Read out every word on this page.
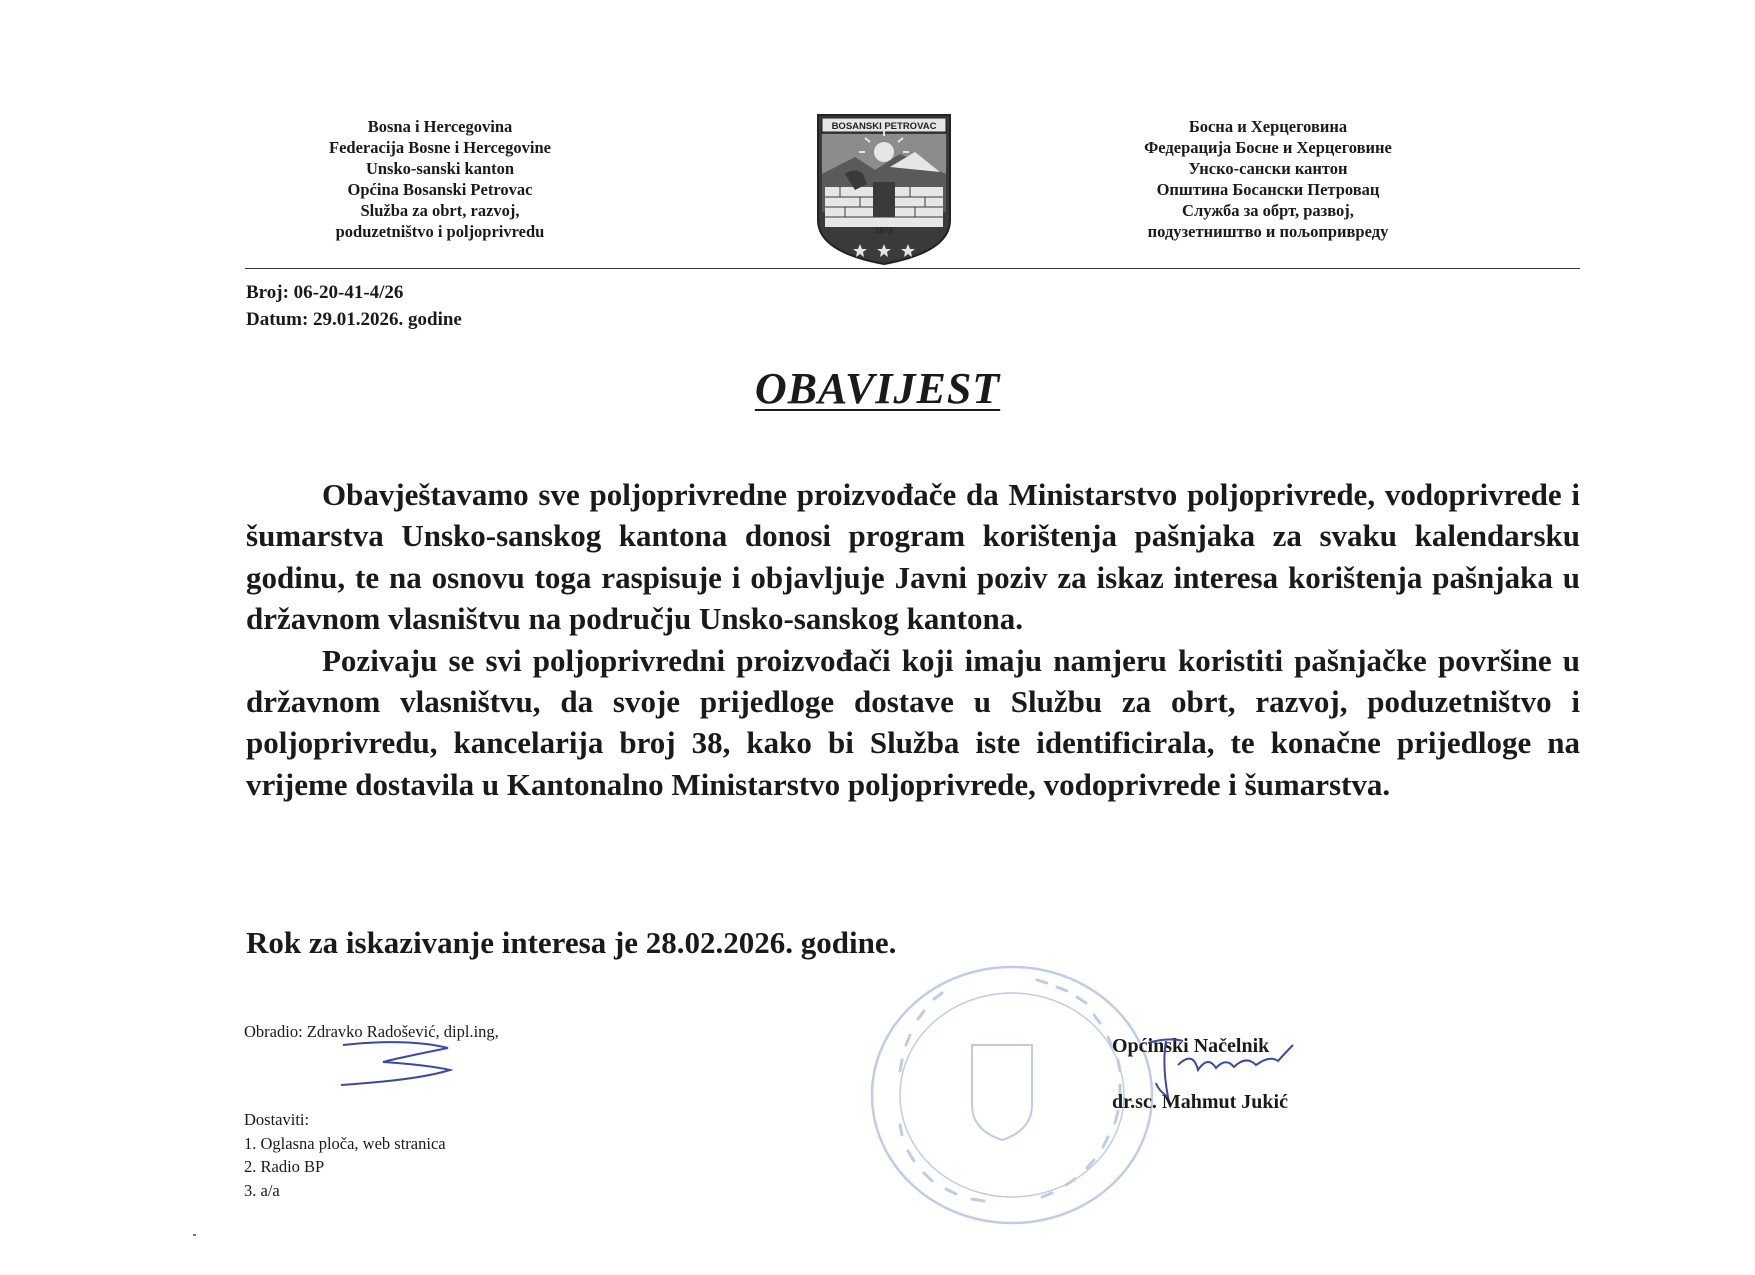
Bosna i Hercegovina
Federacija Bosne i Hercegovine
Unsko-sanski kanton
Općina Bosanski Petrovac
Služba za obrt, razvoj,
poduzetništvo i poljoprivredu
BOSANSKI PETROVAC
1878
Босна и Херцеговина
Федерација Босне и Херцеговине
Унско-сански кантон
Општина Босански Петровац
Служба за обрт, развој,
подузетништво и пољопривреду
Broj: 06-20-41-4/26
Datum: 29.01.2026. godine
OBAVIJEST

Obavještavamo sve poljoprivredne proizvođače da Ministarstvo poljoprivrede, vodoprivrede i šumarstva Unsko-sanskog kantona donosi program korištenja pašnjaka za svaku kalendarsku godinu, te na osnovu toga raspisuje i objavljuje Javni poziv za iskaz interesa korištenja pašnjaka u državnom vlasništvu na području Unsko-sanskog kantona.

Pozivaju se svi poljoprivredni proizvođači koji imaju namjeru koristiti pašnjačke površine u državnom vlasništvu, da svoje prijedloge dostave u Službu za obrt, razvoj, poduzetništvo i poljoprivredu, kancelarija broj 38, kako bi Služba iste identificirala, te konačne prijedloge na vrijeme dostavila u Kantonalno Ministarstvo poljoprivrede, vodoprivrede i šumarstva.

Rok za iskazivanje interesa je 28.02.2026. godine.
Obradio: Zdravko Radošević, dipl.ing,
Dostaviti:
1. Oglasna ploča, web stranica
2. Radio BP
3. a/a
Općinski Načelnik
dr.sc. Mahmut Jukić
